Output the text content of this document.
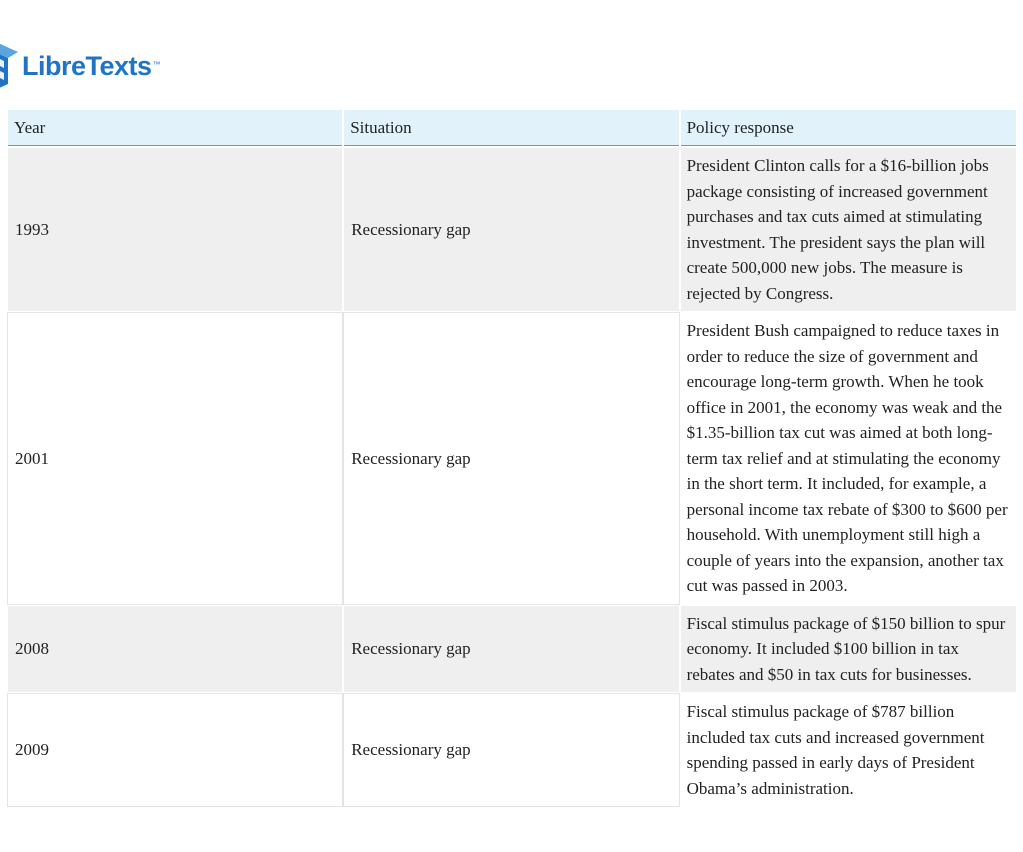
LibreTexts ™
Year	Situation	Policy response
1993	Recessionary gap	President Clinton calls for a $16-billion jobs package consisting of increased government purchases and tax cuts aimed at stimulating investment. The president says the plan will create 500,000 new jobs. The measure is rejected by Congress.
2001	Recessionary gap	President Bush campaigned to reduce taxes in order to reduce the size of government and encourage long-term growth. When he took office in 2001, the economy was weak and the $1.35-billion tax cut was aimed at both long-term tax relief and at stimulating the economy in the short term. It included, for example, a personal income tax rebate of $300 to $600 per household. With unemployment still high a couple of years into the expansion, another tax cut was passed in 2003.
2008	Recessionary gap	Fiscal stimulus package of $150 billion to spur economy. It included $100 billion in tax rebates and $50 in tax cuts for businesses.
2009	Recessionary gap	Fiscal stimulus package of $787 billion included tax cuts and increased government spending passed in early days of President Obama’s administration.
